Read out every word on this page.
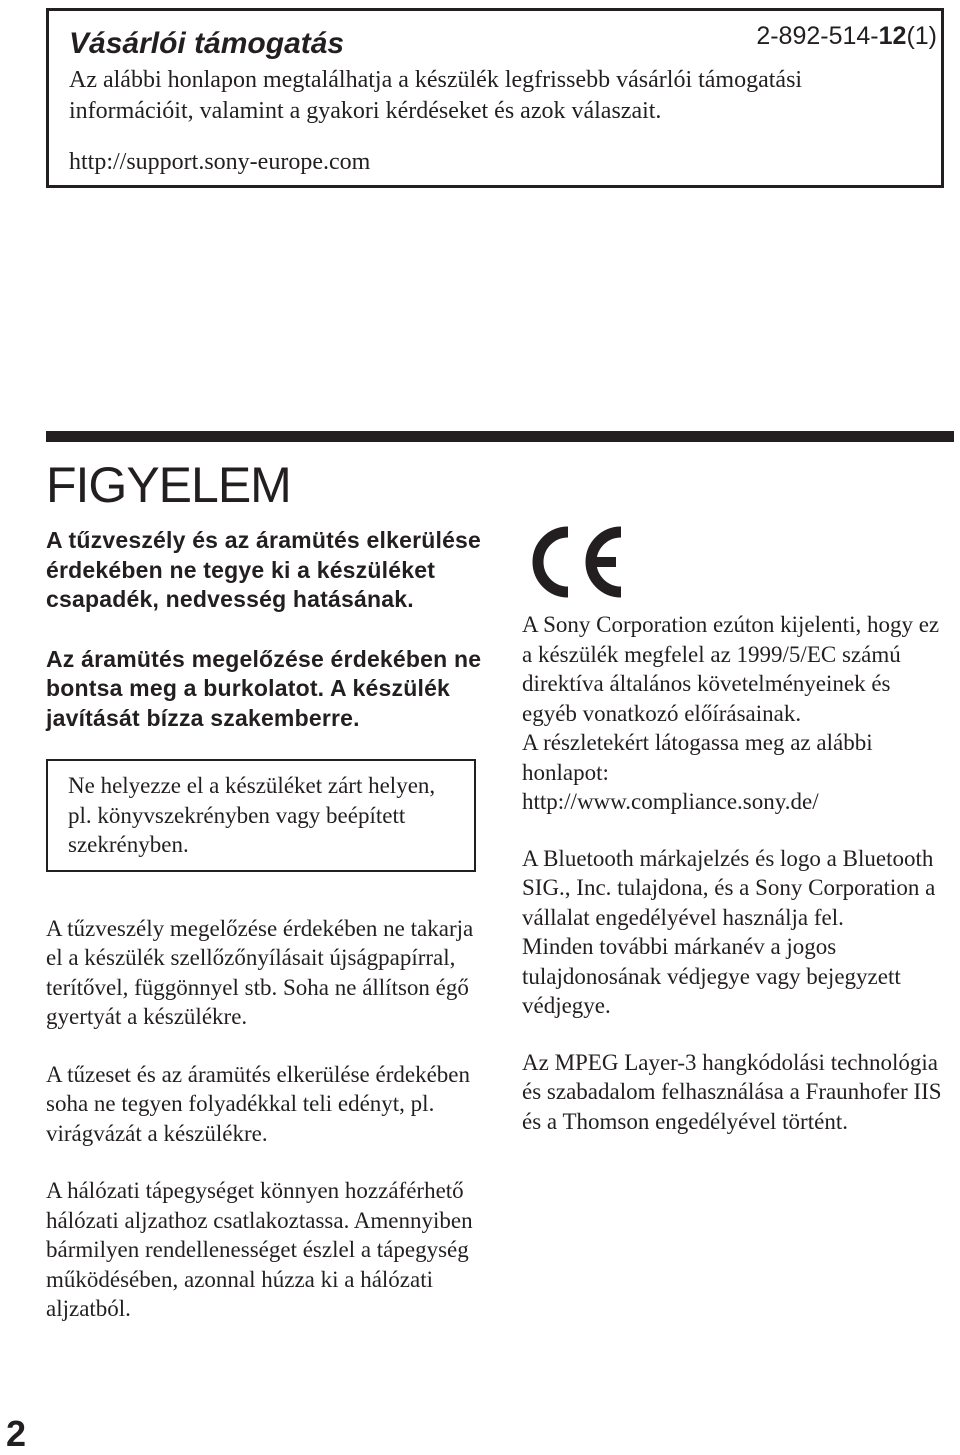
Vásárlói támogatás	2-892-514-12(1)

Az alábbi honlapon megtalálhatja a készülék legfrissebb vásárlói támogatási információit, valamint a gyakori kérdéseket és azok válaszait.

http://support.sony-europe.com

FIGYELEM

A tűzveszély és az áramütés elkerülése érdekében ne tegye ki a készüléket csapadék, nedvesség hatásának.

Az áramütés megelőzése érdekében ne bontsa meg a burkolatot. A készülék javítását bízza szakemberre.

Ne helyezze el a készüléket zárt helyen, pl. könyvszekrényben vagy beépített szekrényben.

A tűzveszély megelőzése érdekében ne takarja el a készülék szellőzőnyílásait újságpapírral, terítővel, függönnyel stb. Soha ne állítson égő gyertyát a készülékre.

A tűzeset és az áramütés elkerülése érdekében soha ne tegyen folyadékkal teli edényt, pl. virágvázát a készülékre.

A hálózati tápegységet könnyen hozzáférhető hálózati aljzathoz csatlakoztassa. Amennyiben bármilyen rendellenességet észlel a tápegység működésében, azonnal húzza ki a hálózati aljzatból.

A Sony Corporation ezúton kijelenti, hogy ez a készülék megfelel az 1999/5/EC számú direktíva általános követelményeinek és egyéb vonatkozó előírásainak.

A részletekért látogassa meg az alábbi honlapot:

http://www.compliance.sony.de/

A Bluetooth márkajelzés és logo a Bluetooth SIG., Inc. tulajdona, és a Sony Corporation a vállalat engedélyével használja fel.

Minden további márkanév a jogos tulajdonosának védjegye vagy bejegyzett védjegye.

Az MPEG Layer-3 hangkódolási technológia és szabadalom felhasználása a Fraunhofer IIS és a Thomson engedélyével történt.

2
